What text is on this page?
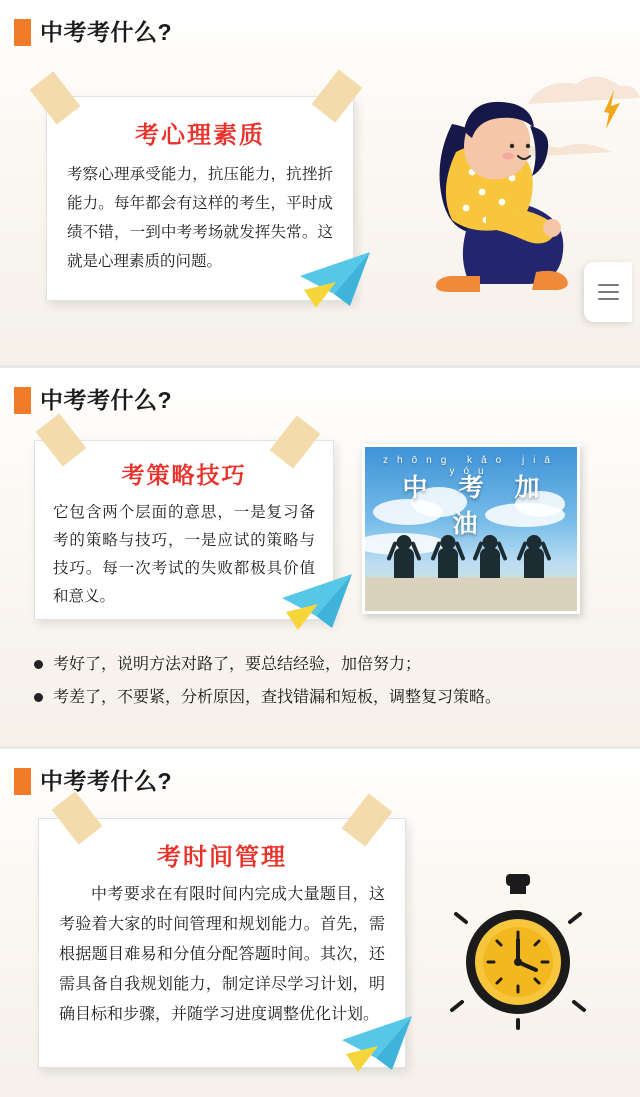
中考考什么?
考心理素质
考察心理承受能力，抗压能力，抗挫折能力。每年都会有这样的考生，平时成绩不错，一到中考考场就发挥失常。这就是心理素质的问题。
中考考什么?
中考考什么?
考策略技巧
它包含两个层面的意思，一是复习备考的策略与技巧，一是应试的策略与技巧。每一次考试的失败都极具价值和意义。
zhōng kǎo jiā yóu
中 考 加 油
考好了，说明方法对路了，要总结经验，加倍努力；
考差了，不要紧，分析原因，查找错漏和短板，调整复习策略。
考时间管理
中考要求在有限时间内完成大量题目，这考验着大家的时间管理和规划能力。首先，需根据题目难易和分值分配答题时间。其次，还需具备自我规划能力，制定详尽学习计划，明确目标和步骤，并随学习进度调整优化计划。
